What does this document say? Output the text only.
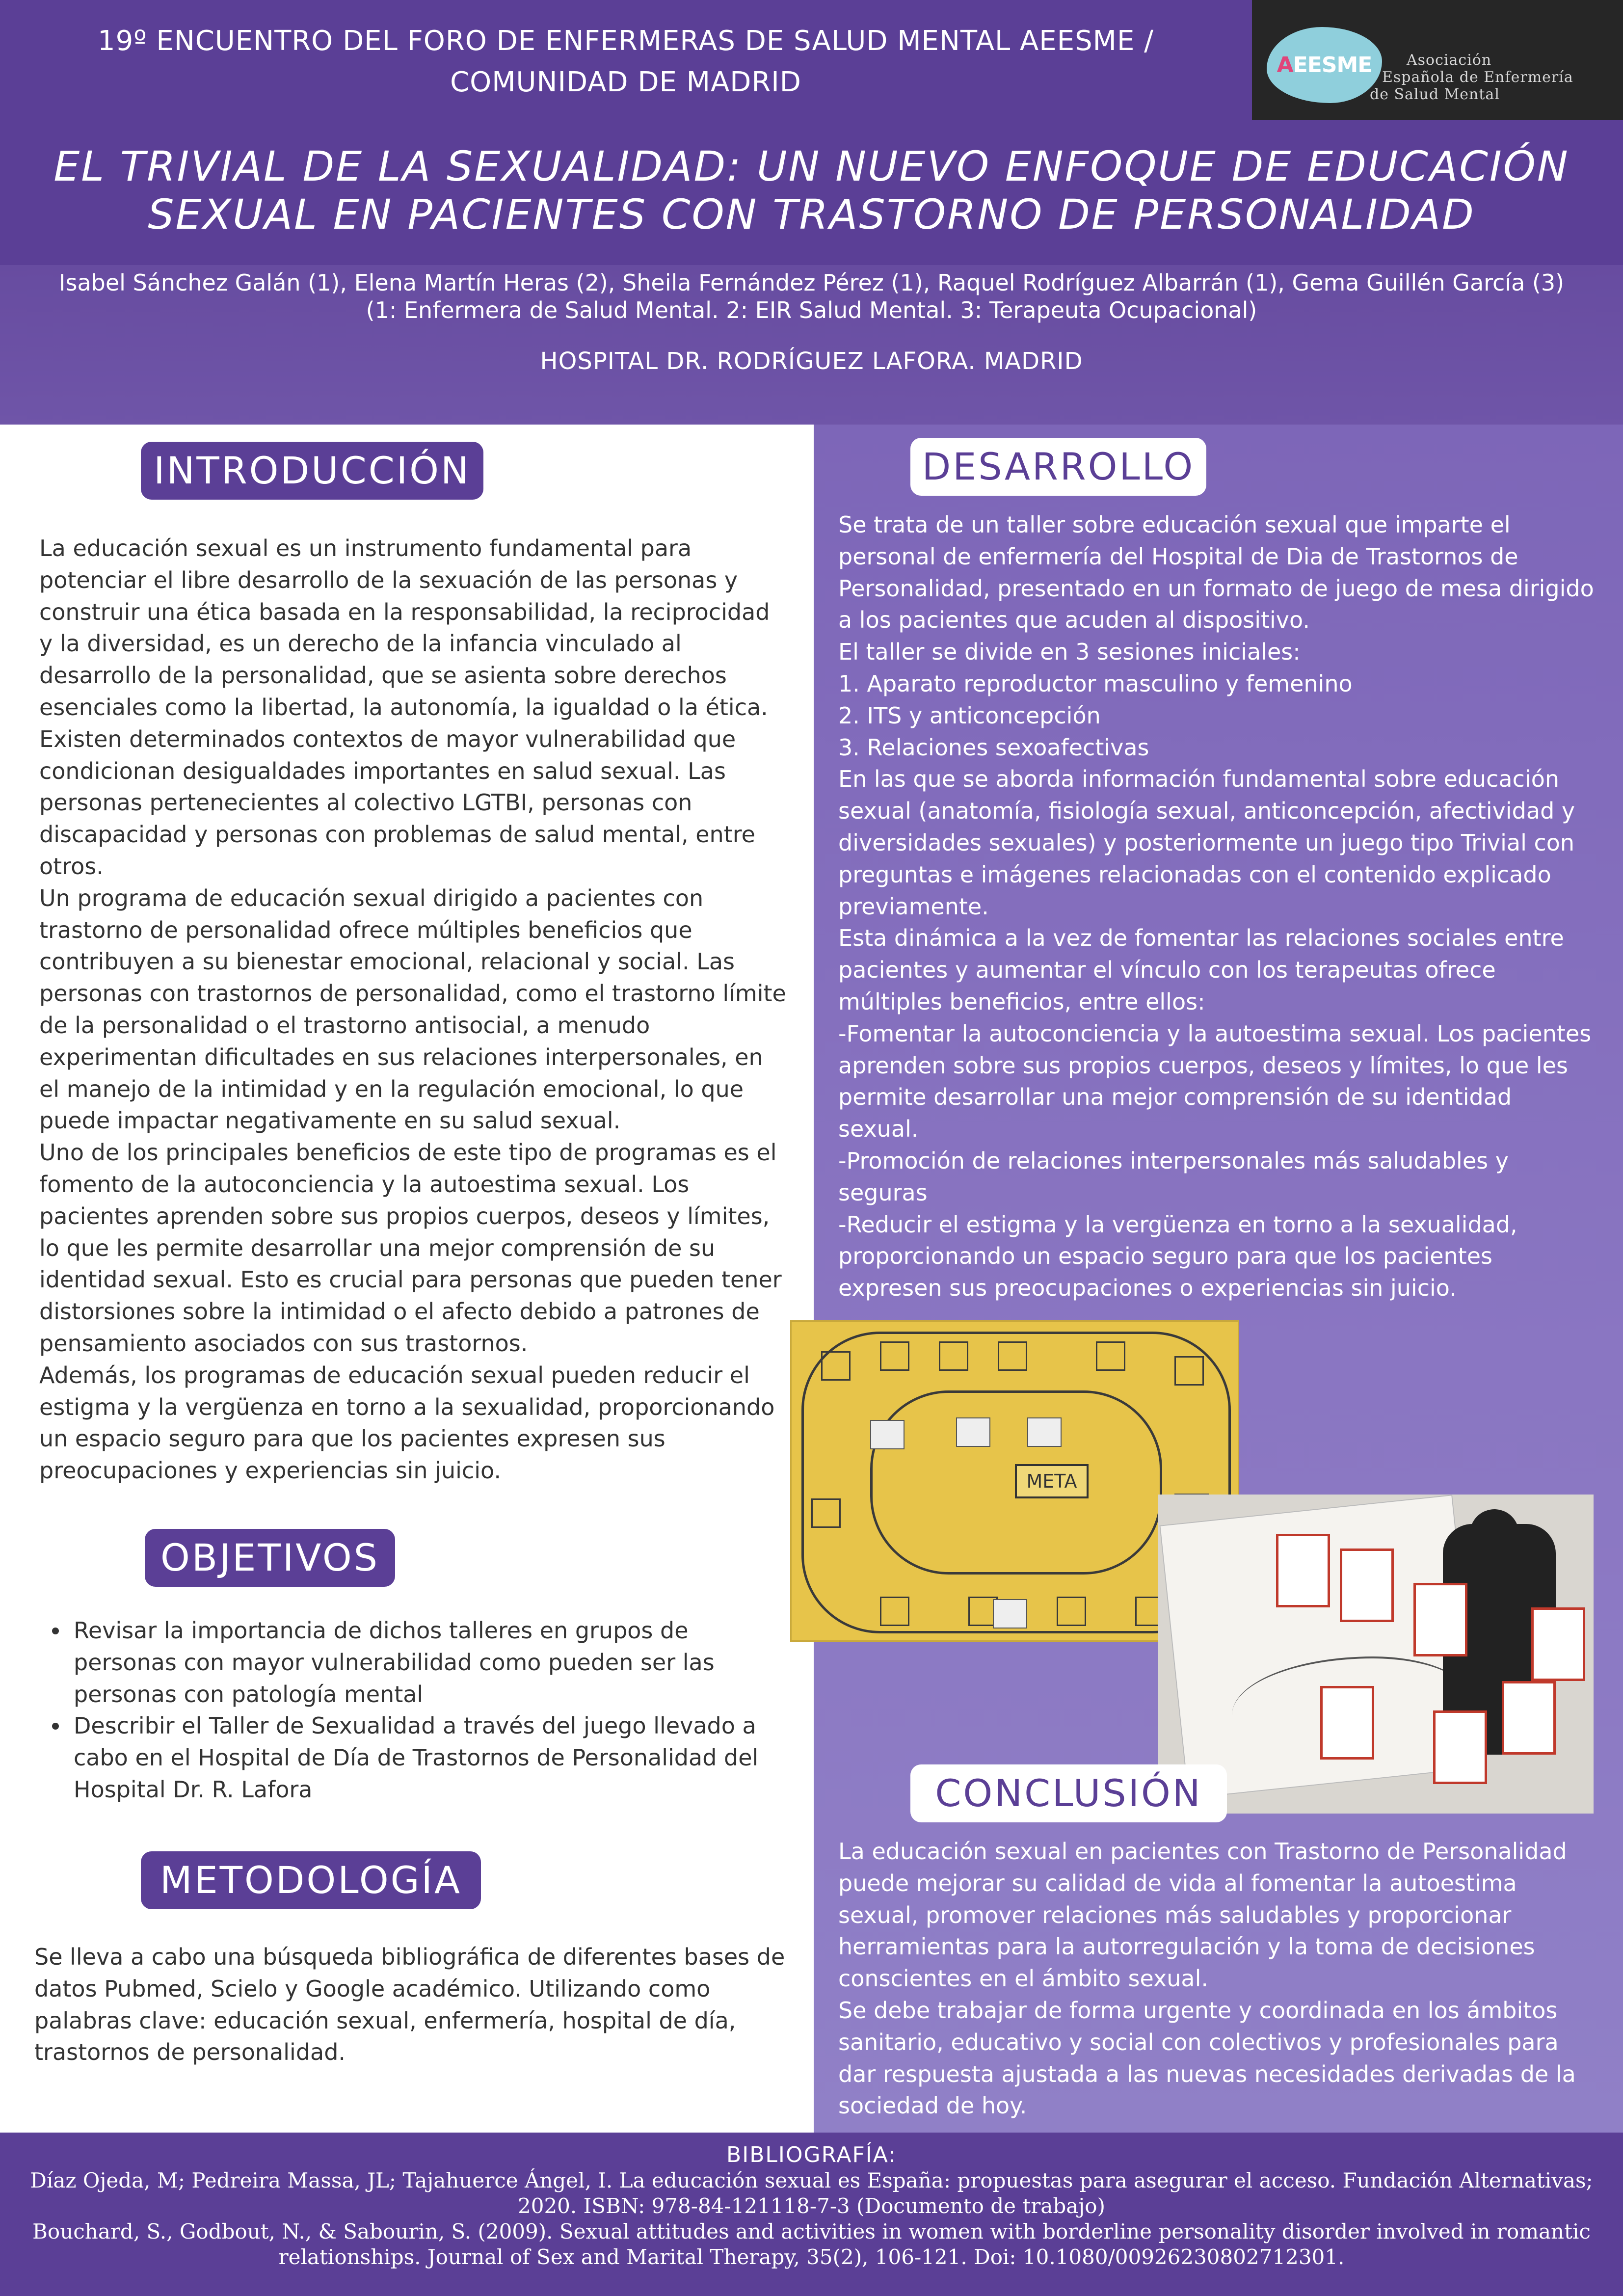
19º ENCUENTRO DEL FORO DE ENFERMERAS DE SALUD MENTAL AEESME /
COMUNIDAD DE MADRID
AEESME	Asociación
Española de Enfermería
de Salud Mental
EL TRIVIAL DE LA SEXUALIDAD: UN NUEVO ENFOQUE DE EDUCACIÓN
SEXUAL EN PACIENTES CON TRASTORNO DE PERSONALIDAD
Isabel Sánchez Galán (1), Elena Martín Heras (2), Sheila Fernández Pérez (1), Raquel Rodríguez Albarrán (1), Gema Guillén García (3)
(1: Enfermera de Salud Mental. 2: EIR Salud Mental. 3: Terapeuta Ocupacional)
HOSPITAL DR. RODRÍGUEZ LAFORA. MADRID
INTRODUCCIÓN

La educación sexual es un instrumento fundamental para potenciar el libre desarrollo de la sexuación de las personas y construir una ética basada en la responsabilidad, la reciprocidad y la diversidad, es un derecho de la infancia vinculado al desarrollo de la personalidad, que se asienta sobre derechos esenciales como la libertad, la autonomía, la igualdad o la ética.

Existen determinados contextos de mayor vulnerabilidad que condicionan desigualdades importantes en salud sexual. Las personas pertenecientes al colectivo LGTBI, personas con discapacidad y personas con problemas de salud mental, entre otros.

Un programa de educación sexual dirigido a pacientes con trastorno de personalidad ofrece múltiples beneficios que contribuyen a su bienestar emocional, relacional y social. Las personas con trastornos de personalidad, como el trastorno límite de la personalidad o el trastorno antisocial, a menudo experimentan dificultades en sus relaciones interpersonales, en el manejo de la intimidad y en la regulación emocional, lo que puede impactar negativamente en su salud sexual.

Uno de los principales beneficios de este tipo de programas es el fomento de la autoconciencia y la autoestima sexual. Los pacientes aprenden sobre sus propios cuerpos, deseos y límites, lo que les permite desarrollar una mejor comprensión de su identidad sexual. Esto es crucial para personas que pueden tener distorsiones sobre la intimidad o el afecto debido a patrones de pensamiento asociados con sus trastornos.

Además, los programas de educación sexual pueden reducir el estigma y la vergüenza en torno a la sexualidad, proporcionando un espacio seguro para que los pacientes expresen sus preocupaciones y experiencias sin juicio.

OBJETIVOS
Revisar la importancia de dichos talleres en grupos de personas con mayor vulnerabilidad como pueden ser las personas con patología mental
Describir el Taller de Sexualidad a través del juego llevado a cabo en el Hospital de Día de Trastornos de Personalidad del Hospital Dr. R. Lafora
METODOLOGÍA
Se lleva a cabo una búsqueda bibliográfica de diferentes bases de datos Pubmed, Scielo y Google académico. Utilizando como palabras clave: educación sexual, enfermería, hospital de día, trastornos de personalidad.
DESARROLLO

Se trata de un taller sobre educación sexual que imparte el personal de enfermería del Hospital de Dia de Trastornos de Personalidad, presentado en un formato de juego de mesa dirigido a los pacientes que acuden al dispositivo.

El taller se divide en 3 sesiones iniciales:

1. Aparato reproductor masculino y femenino

2. ITS y anticoncepción

3. Relaciones sexoafectivas

En las que se aborda información fundamental sobre educación sexual (anatomía, fisiología sexual, anticoncepción, afectividad y diversidades sexuales) y posteriormente un juego tipo Trivial con preguntas e imágenes relacionadas con el contenido explicado previamente.

Esta dinámica a la vez de fomentar las relaciones sociales entre pacientes y aumentar el vínculo con los terapeutas ofrece múltiples beneficios, entre ellos:

-Fomentar la autoconciencia y la autoestima sexual. Los pacientes aprenden sobre sus propios cuerpos, deseos y límites, lo que les permite desarrollar una mejor comprensión de su identidad sexual.

-Promoción de relaciones interpersonales más saludables y seguras

-Reducir el estigma y la vergüenza en torno a la sexualidad, proporcionando un espacio seguro para que los pacientes expresen sus preocupaciones o experiencias sin juicio.

META
CONCLUSIÓN

La educación sexual en pacientes con Trastorno de Personalidad puede mejorar su calidad de vida al fomentar la autoestima sexual, promover relaciones más saludables y proporcionar herramientas para la autorregulación y la toma de decisiones conscientes en el ámbito sexual.

Se debe trabajar de forma urgente y coordinada en los ámbitos sanitario, educativo y social con colectivos y profesionales para dar respuesta ajustada a las nuevas necesidades derivadas de la sociedad de hoy.

BIBLIOGRAFÍA:
Díaz Ojeda, M; Pedreira Massa, JL; Tajahuerce Ángel, I. La educación sexual es España: propuestas para asegurar el acceso. Fundación Alternativas; 2020. ISBN: 978-84-121118-7-3 (Documento de trabajo)
Bouchard, S., Godbout, N., & Sabourin, S. (2009). Sexual attitudes and activities in women with borderline personality disorder involved in romantic relationships. Journal of Sex and Marital Therapy, 35(2), 106-121. Doi: 10.1080/00926230802712301.
